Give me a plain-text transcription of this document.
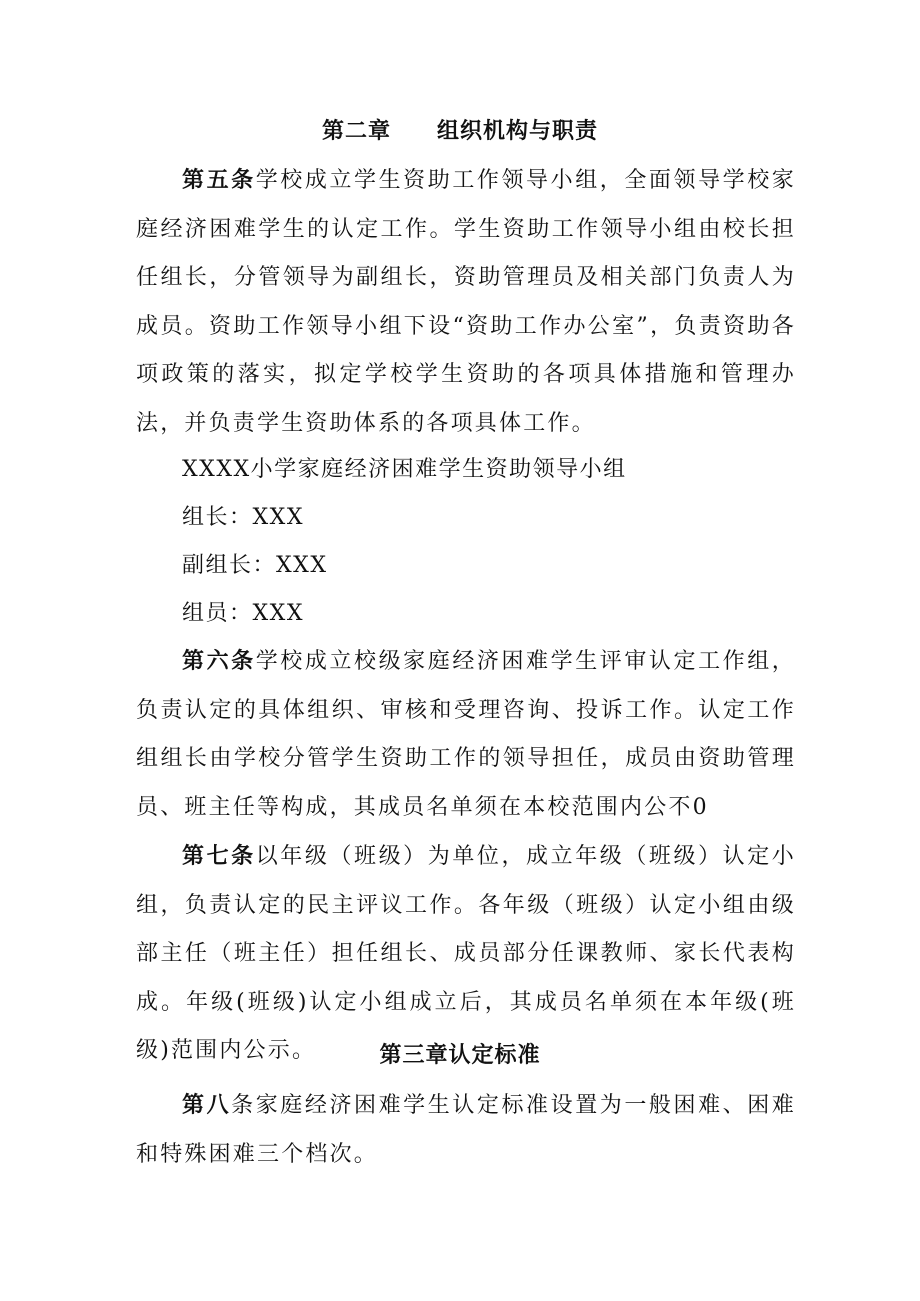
第二章　　组织机构与职责
第五条学校成立学生资助工作领导小组，全面领导学校家庭经济困难学生的认定工作。学生资助工作领导小组由校长担任组长，分管领导为副组长，资助管理员及相关部门负责人为成员。资助工作领导小组下设“资助工作办公室”，负责资助各项政策的落实，拟定学校学生资助的各项具体措施和管理办法，并负责学生资助体系的各项具体工作。
XXXX小学家庭经济困难学生资助领导小组
组长：XXX
副组长：XXX
组员：XXX
第六条学校成立校级家庭经济困难学生评审认定工作组，负责认定的具体组织、审核和受理咨询、投诉工作。认定工作组组长由学校分管学生资助工作的领导担任，成员由资助管理员、班主任等构成，其成员名单须在本校范围内公不0
第七条以年级（班级）为单位，成立年级（班级）认定小组，负责认定的民主评议工作。各年级（班级）认定小组由级部主任（班主任）担任组长、成员部分任课教师、家长代表构成。年级(班级)认定小组成立后，其成员名单须在本年级(班级)范围内公示。	第三章认定标准
第八条家庭经济困难学生认定标准设置为一般困难、困难和特殊困难三个档次。
